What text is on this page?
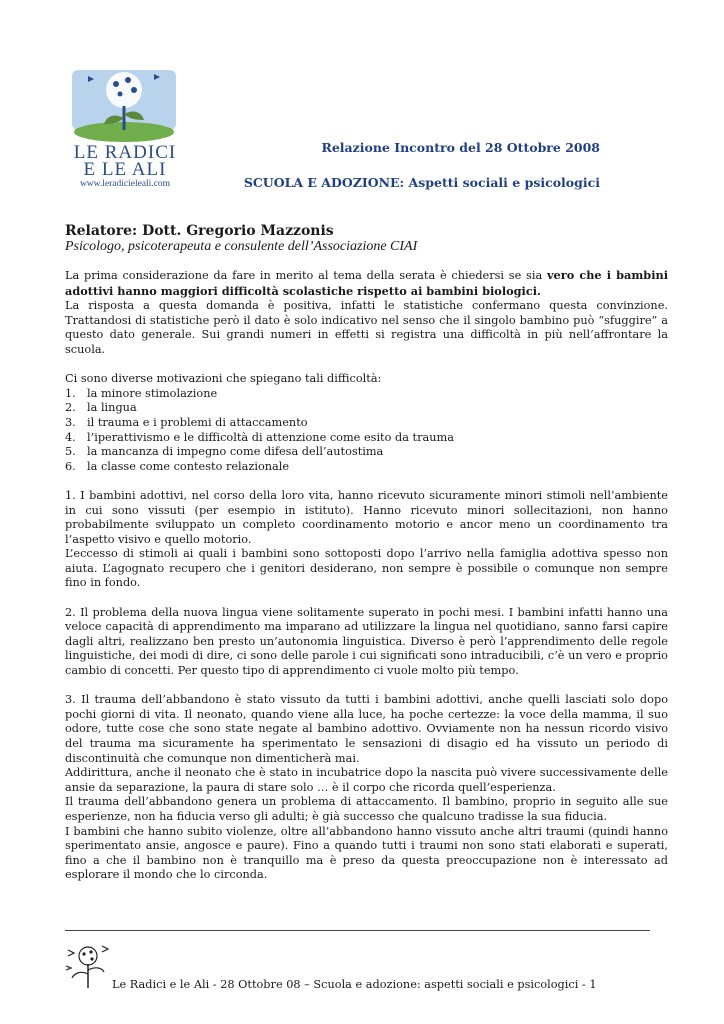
LE RADICI
E LE ALI
www.leradicieleali.com
Relazione Incontro del 28 Ottobre 2008
SCUOLA E ADOZIONE: Aspetti sociali e psicologici
Relatore: Dott. Gregorio Mazzonis
Psicologo, psicoterapeuta e consulente dell’Associazione CIAI

La prima considerazione da fare in merito al tema della serata è chiedersi se sia vero che i bambini adottivi hanno maggiori difficoltà scolastiche rispetto ai bambini biologici.

La risposta a questa domanda è positiva, infatti le statistiche confermano questa convinzione. Trattandosi di statistiche però il dato è solo indicativo nel senso che il singolo bambino può “sfuggire” a questo dato generale. Sui grandi numeri in effetti si registra una difficoltà in più nell’affrontare la scuola.

Ci sono diverse motivazioni che spiegano tali difficoltà:

1. la minore stimolazione
2. la lingua
3. il trauma e i problemi di attaccamento
4. l’iperattivismo e le difficoltà di attenzione come esito da trauma
5. la mancanza di impegno come difesa dell’autostima
6. la classe come contesto relazionale

1. I bambini adottivi, nel corso della loro vita, hanno ricevuto sicuramente minori stimoli nell’ambiente in cui sono vissuti (per esempio in istituto). Hanno ricevuto minori sollecitazioni, non hanno probabilmente sviluppato un completo coordinamento motorio e ancor meno un coordinamento tra l’aspetto visivo e quello motorio.

L’eccesso di stimoli ai quali i bambini sono sottoposti dopo l’arrivo nella famiglia adottiva spesso non aiuta. L’agognato recupero che i genitori desiderano, non sempre è possibile o comunque non sempre fino in fondo.

2. Il problema della nuova lingua viene solitamente superato in pochi mesi. I bambini infatti hanno una veloce capacità di apprendimento ma imparano ad utilizzare la lingua nel quotidiano, sanno farsi capire dagli altri, realizzano ben presto un’autonomia linguistica. Diverso è però l’apprendimento delle regole linguistiche, dei modi di dire, ci sono delle parole i cui significati sono intraducibili, c’è un vero e proprio cambio di concetti. Per questo tipo di apprendimento ci vuole molto più tempo.

3. Il trauma dell’abbandono è stato vissuto da tutti i bambini adottivi, anche quelli lasciati solo dopo pochi giorni di vita. Il neonato, quando viene alla luce, ha poche certezze: la voce della mamma, il suo odore, tutte cose che sono state negate al bambino adottivo. Ovviamente non ha nessun ricordo visivo del trauma ma sicuramente ha sperimentato le sensazioni di disagio ed ha vissuto un periodo di discontinuità che comunque non dimenticherà mai.

Addirittura, anche il neonato che è stato in incubatrice dopo la nascita può vivere successivamente delle ansie da separazione, la paura di stare solo … è il corpo che ricorda quell’esperienza.

Il trauma dell’abbandono genera un problema di attaccamento. Il bambino, proprio in seguito alle sue esperienze, non ha fiducia verso gli adulti; è già successo che qualcuno tradisse la sua fiducia.

I bambini che hanno subito violenze, oltre all’abbandono hanno vissuto anche altri traumi (quindi hanno sperimentato ansie, angosce e paure). Fino a quando tutti i traumi non sono stati elaborati e superati, fino a che il bambino non è tranquillo ma è preso da questa preoccupazione non è interessato ad esplorare il mondo che lo circonda.

Le Radici e le Ali - 28 Ottobre 08 – Scuola e adozione: aspetti sociali e psicologici - 1
